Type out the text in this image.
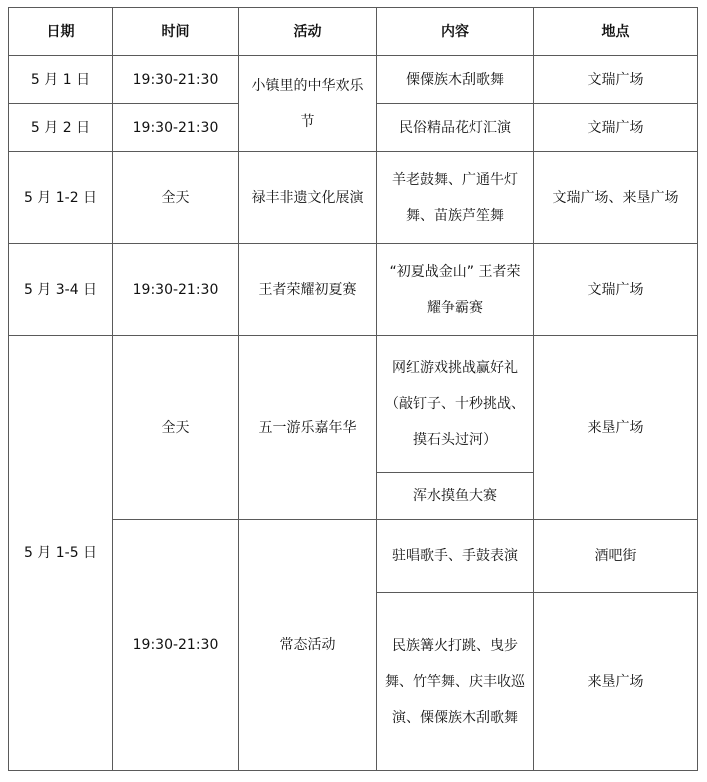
日期	时间	活动	内容	地点
5 月 1 日	19:30-21:30	小镇里的中华欢乐节	傈僳族木刮歌舞	文瑞广场
5 月 2 日	19:30-21:30		民俗精品花灯汇演	文瑞广场
5 月 1-2 日	全天	禄丰非遗文化展演	羊老鼓舞、广通牛灯舞、苗族芦笙舞	文瑞广场、来垦广场
5 月 3-4 日	19:30-21:30	王者荣耀初夏赛	“初夏战金山” 王者荣耀争霸赛	文瑞广场
5 月 1-5 日	全天	五一游乐嘉年华	网红游戏挑战赢好礼（敲钉子、十秒挑战、摸石头过河）	来垦广场
			浑水摸鱼大赛	
	19:30-21:30	常态活动	驻唱歌手、手鼓表演	酒吧街
			民族篝火打跳、曳步舞、竹竿舞、庆丰收巡演、傈僳族木刮歌舞	来垦广场
